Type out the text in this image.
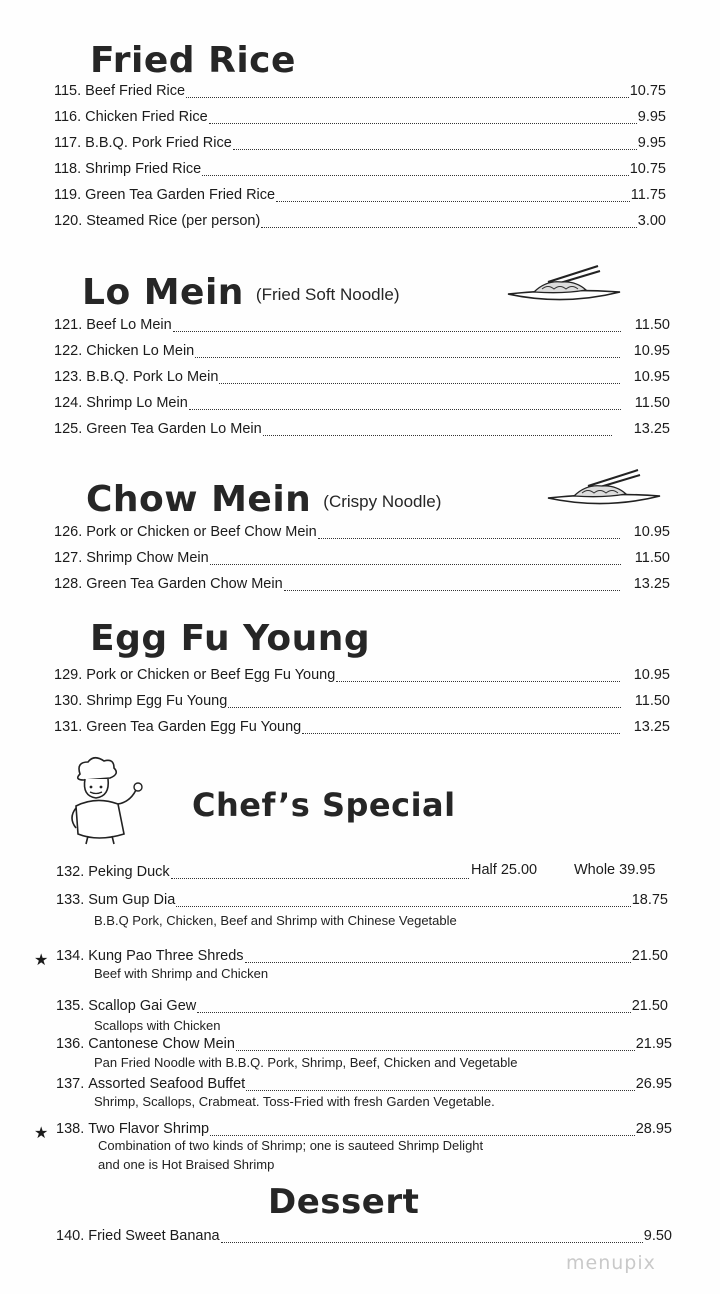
Fried Rice
115. Beef Fried Rice	10.75
116. Chicken Fried Rice	9.95
117. B.B.Q. Pork Fried Rice	9.95
118. Shrimp Fried Rice	10.75
119. Green Tea Garden Fried Rice	11.75
120. Steamed Rice (per person)	3.00
Lo Mein $^{(Fried Soft Noodle)}$
121. Beef Lo Mein	11.50
122. Chicken Lo Mein	10.95
123. B.B.Q. Pork Lo Mein	10.95
124. Shrimp Lo Mein	11.50
125. Green Tea Garden Lo Mein	13.25
Chow Mein $^{(Crispy Noodle)}$
126. Pork or Chicken or Beef Chow Mein	10.95
127. Shrimp Chow Mein	11.50
128. Green Tea Garden Chow Mein	13.25
Egg Fu Young
129. Pork or Chicken or Beef Egg Fu Young	10.95
130. Shrimp Egg Fu Young	11.50
131. Green Tea Garden Egg Fu Young	13.25
Chef’s Special
132. Peking Duck	Half 25.00	Whole 39.95
133. Sum Gup Dia	18.75
B.B.Q Pork, Chicken, Beef and Shrimp with Chinese Vegetable
★ 134. Kung Pao Three Shreds	21.50
Beef with Shrimp and Chicken
135. Scallop Gai Gew	21.50
Scallops with Chicken
136. Cantonese Chow Mein	21.95
Pan Fried Noodle with B.B.Q. Pork, Shrimp, Beef, Chicken and Vegetable
137. Assorted Seafood Buffet	26.95
Shrimp, Scallops, Crabmeat. Toss-Fried with fresh Garden Vegetable.
★ 138. Two Flavor Shrimp	28.95
Combination of two kinds of Shrimp; one is sauteed Shrimp Delight
and one is Hot Braised Shrimp
Dessert
140. Fried Sweet Banana	9.50
menupix
